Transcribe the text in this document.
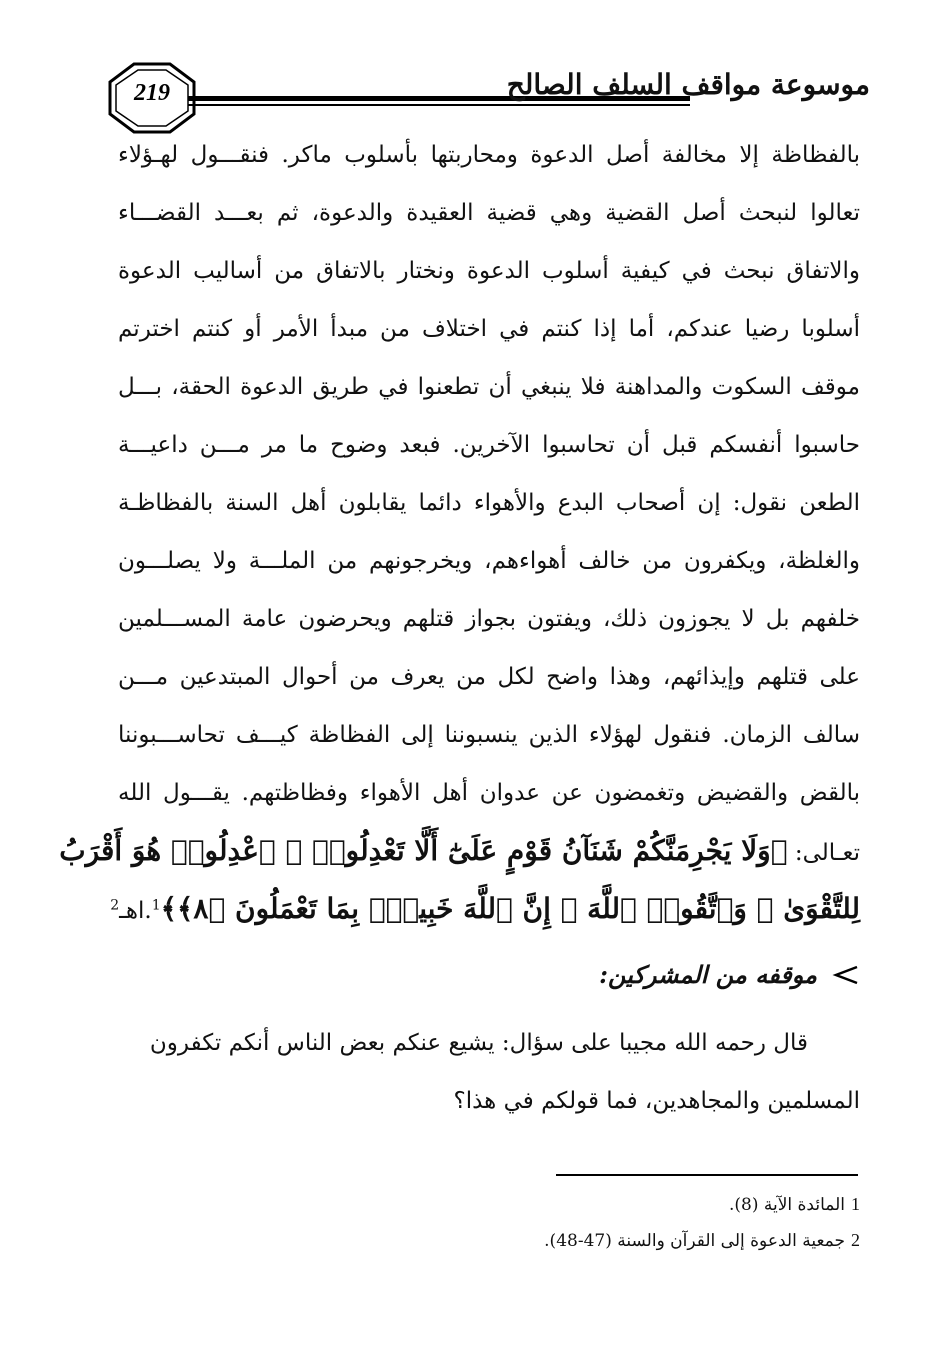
219	موسوعة مواقف السلف الصالح
بالفظاظة إلا مخالفة أصل الدعوة ومحاربتها بأسلوب ماكر. فنقـــول لهـؤلاء
تعالوا لنبحث أصل القضية وهي قضية العقيدة والدعوة، ثم بعـــد القضـــاء
والاتفاق نبحث في كيفية أسلوب الدعوة ونختار بالاتفاق من أساليب الدعوة
أسلوبا رضيا عندكم، أما إذا كنتم في اختلاف من مبدأ الأمر أو كنتم اخترتم
موقف السكوت والمداهنة فلا ينبغي أن تطعنوا في طريق الدعوة الحقة، بـــل
حاسبوا أنفسكم قبل أن تحاسبوا الآخرين. فبعد وضوح ما مر مـــن داعيـــة
الطعن نقول: إن أصحاب البدع والأهواء دائما يقابلون أهل السنة بالفظاظـة
والغلظة، ويكفرون من خالف أهواءهم، ويخرجونهم من الملـــة ولا يصلـــون
خلفهم بل لا يجوزون ذلك، ويفتون بجواز قتلهم ويحرضون عامة المســـلمين
على قتلهم وإيذائهم، وهذا واضح لكل من يعرف من أحوال المبتدعين مـــن
سالف الزمان. فنقول لهؤلاء الذين ينسبوننا إلى الفظاظة كيـــف تحاســـبوننا
بالقض والقضيض وتغمضون عن عدوان أهل الأهواء وفظاظتهم. يقـــول الله
تعـالى: ﴿وَلَا يَجْرِمَنَّكُمْ شَنَآنُ قَوْمٍ عَلَىٰٓ أَلَّا تَعْدِلُوا۟ ۚ ٱعْدِلُوا۟ هُوَ أَقْرَبُ
لِلتَّقْوَىٰ ۖ وَٱتَّقُوا۟ ٱللَّهَ ۚ إِنَّ ٱللَّهَ خَبِيرٌۢ بِمَا تَعْمَلُونَ ﴿٨﴾﴾$^1$.اهـ$^2$
موقفه من المشركين:
قال رحمه الله مجيبا على سؤال: يشيع عنكم بعض الناس أنكم تكفرون
المسلمين والمجاهدين، فما قولكم في هذا؟
1المائدة الآية (8).
2جمعية الدعوة إلى القرآن والسنة (47-48).
